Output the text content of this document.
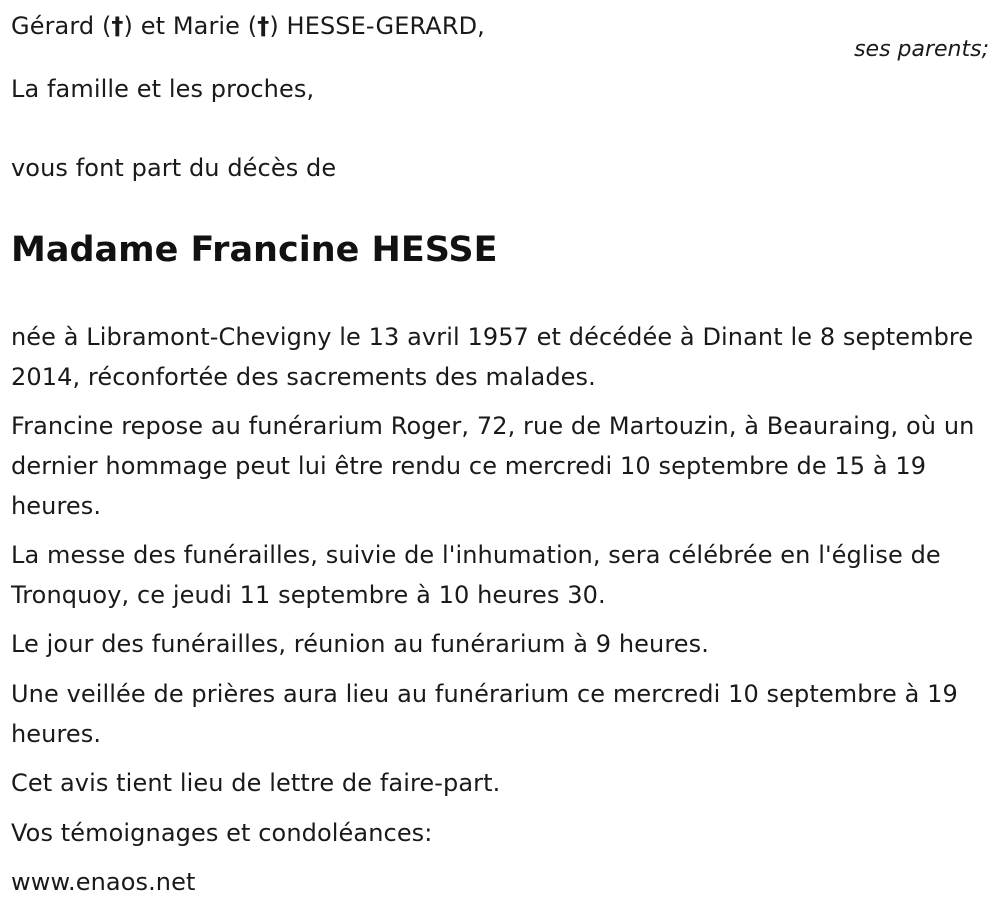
Gérard (†) et Marie (†) HESSE-GERARD,
ses parents;
La famille et les proches,
vous font part du décès de
Madame Francine HESSE
née à Libramont-Chevigny le 13 avril 1957 et décédée à Dinant le 8 septembre 2014, réconfortée des sacrements des malades.
Francine repose au funérarium Roger, 72, rue de Martouzin, à Beauraing, où un dernier hommage peut lui être rendu ce mercredi 10 septembre de 15 à 19 heures.
La messe des funérailles, suivie de l'inhumation, sera célébrée en l'église de Tronquoy, ce jeudi 11 septembre à 10 heures 30.
Le jour des funérailles, réunion au funérarium à 9 heures.
Une veillée de prières aura lieu au funérarium ce mercredi 10 septembre à 19 heures.
Cet avis tient lieu de lettre de faire-part.
Vos témoignages et condoléances:
www.enaos.net
